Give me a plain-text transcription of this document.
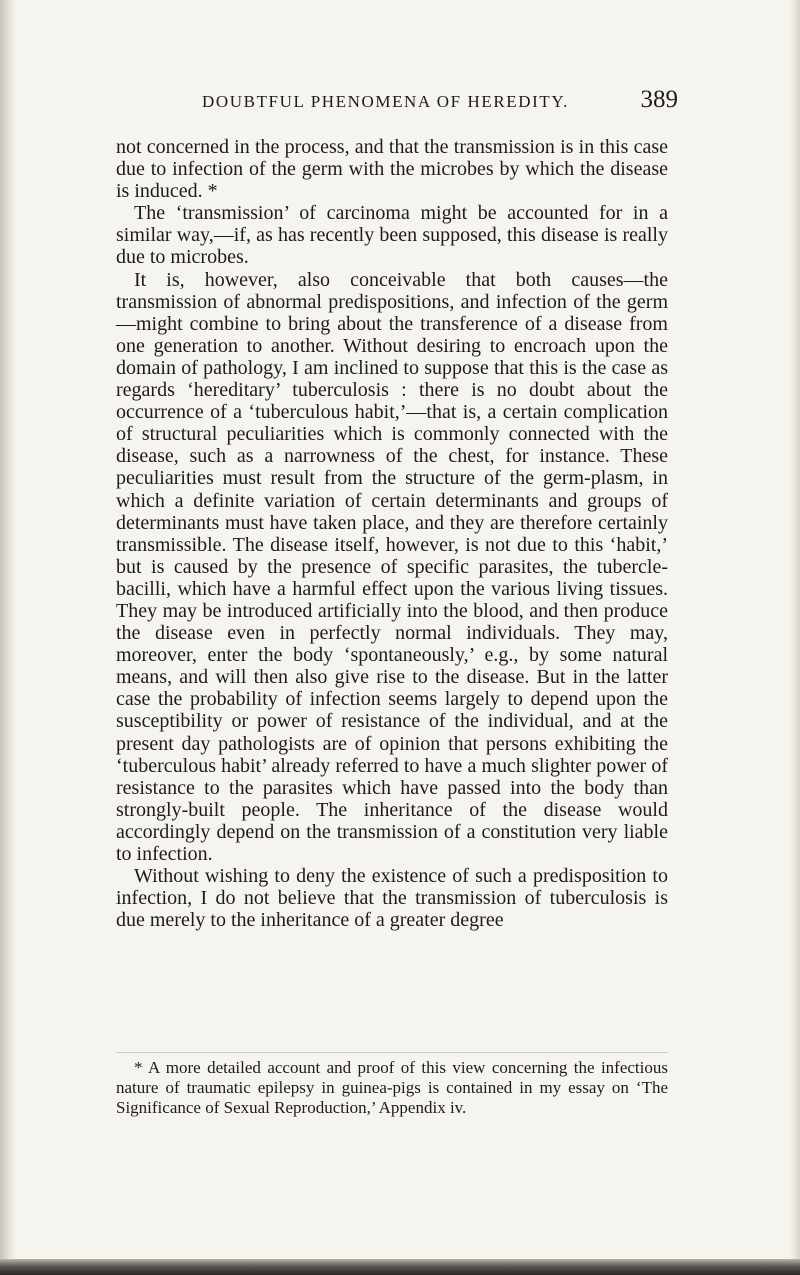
DOUBTFUL PHENOMENA OF HEREDITY.	389

not concerned in the process, and that the transmission is in this case due to infection of the germ with the microbes by which the disease is induced. *

The ‘transmission’ of carcinoma might be accounted for in a similar way,—if, as has recently been supposed, this disease is really due to microbes.

It is, however, also conceivable that both causes—the transmission of abnormal predispositions, and infection of the germ—might combine to bring about the transference of a disease from one generation to another. Without desiring to encroach upon the domain of pathology, I am inclined to suppose that this is the case as regards ‘hereditary’ tuberculosis : there is no doubt about the occurrence of a ‘tuberculous habit,’—that is, a certain complication of structural peculiarities which is commonly connected with the disease, such as a narrowness of the chest, for instance. These peculiarities must result from the structure of the germ-plasm, in which a definite variation of certain determinants and groups of determinants must have taken place, and they are therefore certainly transmissible. The disease itself, however, is not due to this ‘habit,’ but is caused by the presence of specific parasites, the tubercle-bacilli, which have a harmful effect upon the various living tissues. They may be introduced artificially into the blood, and then produce the disease even in perfectly normal individuals. They may, moreover, enter the body ‘spontaneously,’ e.g., by some natural means, and will then also give rise to the disease. But in the latter case the probability of infection seems largely to depend upon the susceptibility or power of resistance of the individual, and at the present day pathologists are of opinion that persons exhibiting the ‘tuberculous habit’ already referred to have a much slighter power of resistance to the parasites which have passed into the body than strongly-built people. The inheritance of the disease would accordingly depend on the transmission of a constitution very liable to infection.

Without wishing to deny the existence of such a predisposition to infection, I do not believe that the transmission of tuberculosis is due merely to the inheritance of a greater degree

* A more detailed account and proof of this view concerning the infectious nature of traumatic epilepsy in guinea-pigs is contained in my essay on ‘The Significance of Sexual Reproduction,’ Appendix iv.
